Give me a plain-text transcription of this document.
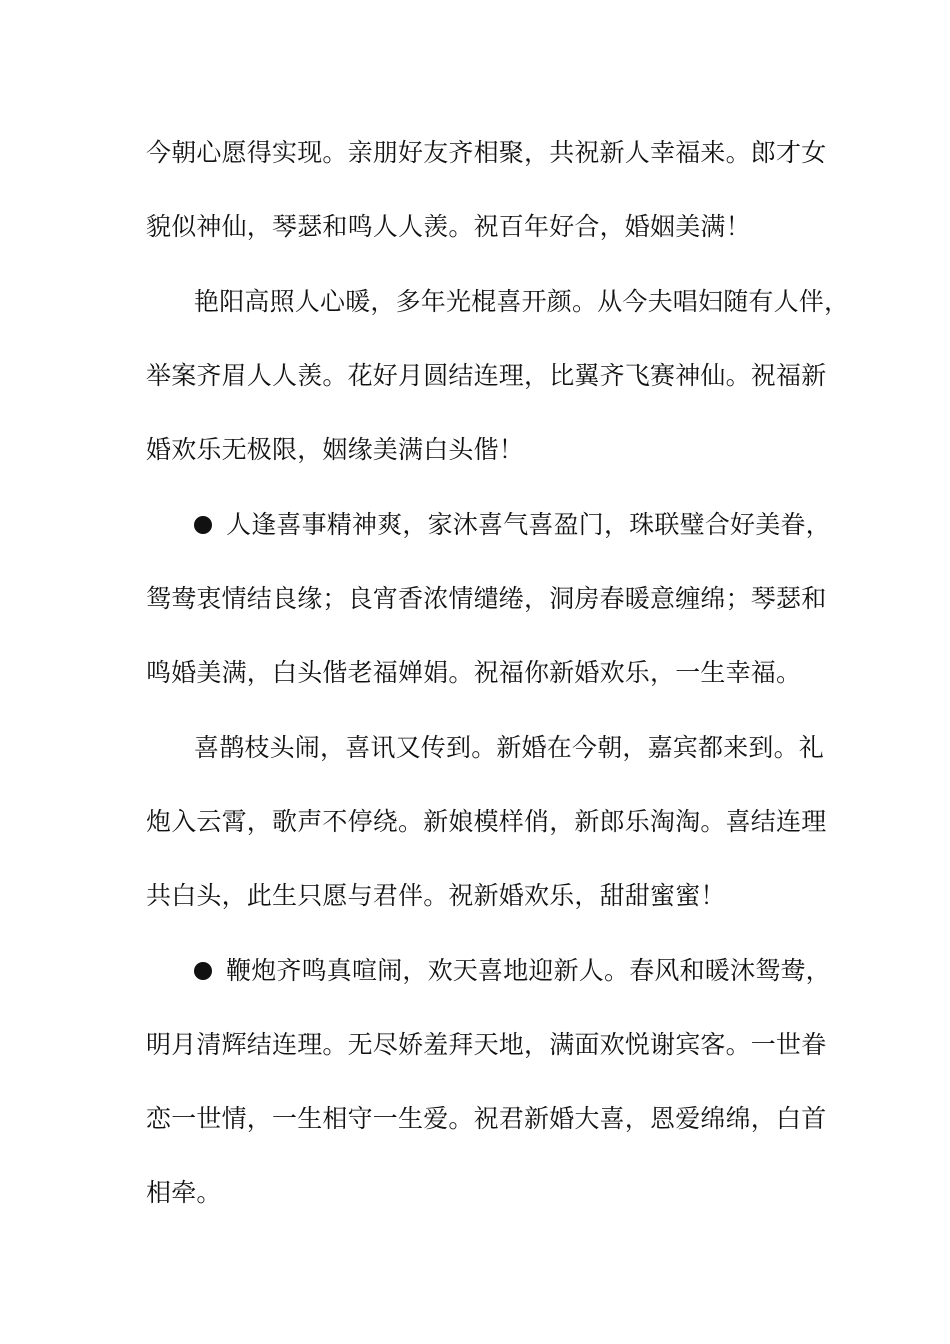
今朝心愿得实现。亲朋好友齐相聚，共祝新人幸福来。郎才女
貌似神仙，琴瑟和鸣人人羡。祝百年好合，婚姻美满！
艳阳高照人心暖，多年光棍喜开颜。从今夫唱妇随有人伴，
举案齐眉人人羡。花好月圆结连理，比翼齐飞赛神仙。祝福新
婚欢乐无极限，姻缘美满白头偕！
人逢喜事精神爽，家沐喜气喜盈门，珠联璧合好美眷，
鸳鸯衷情结良缘；良宵香浓情缱绻，洞房春暖意缠绵；琴瑟和
鸣婚美满，白头偕老福婵娟。祝福你新婚欢乐，一生幸福。
喜鹊枝头闹，喜讯又传到。新婚在今朝，嘉宾都来到。礼
炮入云霄，歌声不停绕。新娘模样俏，新郎乐淘淘。喜结连理
共白头，此生只愿与君伴。祝新婚欢乐，甜甜蜜蜜！
鞭炮齐鸣真喧闹，欢天喜地迎新人。春风和暖沐鸳鸯，
明月清辉结连理。无尽娇羞拜天地，满面欢悦谢宾客。一世眷
恋一世情，一生相守一生爱。祝君新婚大喜，恩爱绵绵，白首
相牵。
